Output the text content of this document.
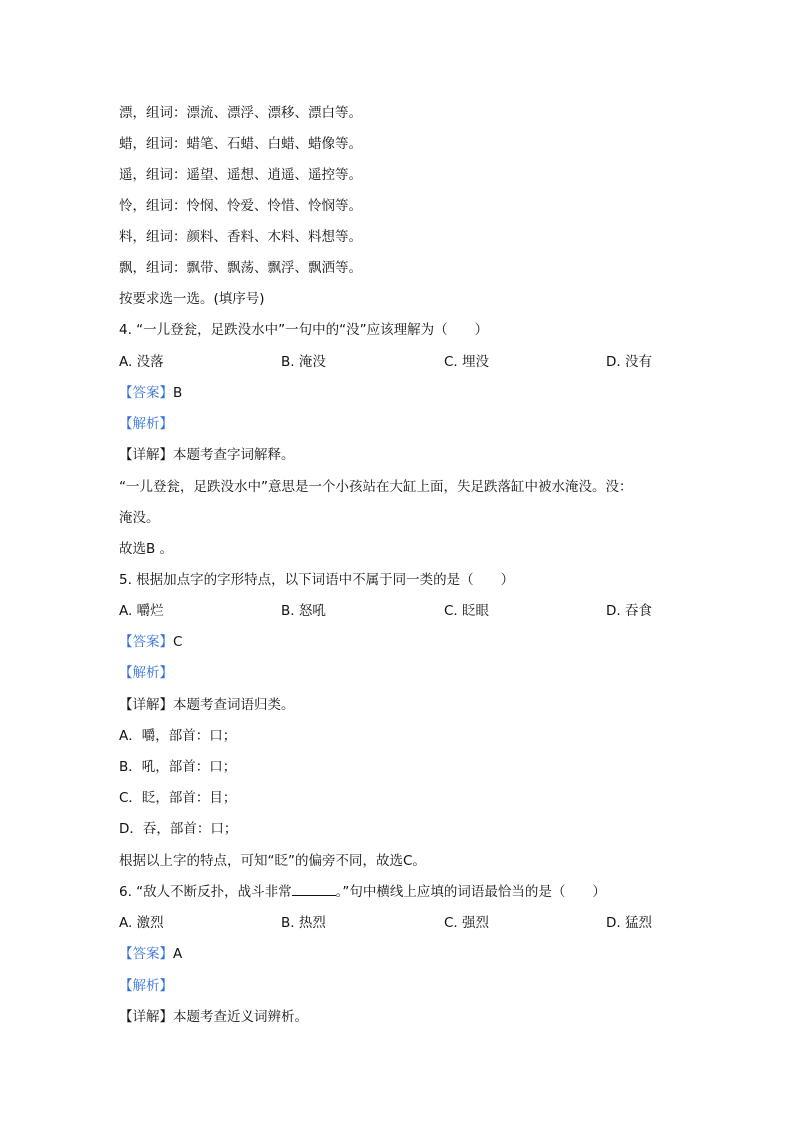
漂，组词：漂流、漂浮、漂移、漂白等。
蜡，组词：蜡笔、石蜡、白蜡、蜡像等。
遥，组词：遥望、遥想、逍遥、遥控等。
怜，组词：怜悯、怜爱、怜惜、怜悯等。
料，组词：颜料、香料、木料、料想等。
飘，组词：飘带、飘荡、飘浮、飘洒等。
按要求选一选。(填序号)
4. “一儿登瓮，足跌没水中”一句中的“没”应该理解为（　　）
A. 没落	B. 淹没	C. 埋没	D. 没有
【答案】B
【解析】
【详解】本题考查字词解释。
“一儿登瓮，足跌没水中”意思是一个小孩站在大缸上面，失足跌落缸中被水淹没。没：
淹没。
故选B 。
5. 根据加点字的字形特点，以下词语中不属于同一类的是（　　）
A. 嚼烂	B. 怒吼	C. 眨眼	D. 吞食
【答案】C
【解析】
【详解】本题考查词语归类。
A．嚼，部首：口；
B．吼，部首：口；
C．眨，部首：目；
D．吞，部首：口；
根据以上字的特点，可知“眨”的偏旁不同，故选C。
6. “敌人不断反扑，战斗非常	。”句中横线上应填的词语最恰当的是（　　）
A. 激烈	B. 热烈	C. 强烈	D. 猛烈
【答案】A
【解析】
【详解】本题考查近义词辨析。
